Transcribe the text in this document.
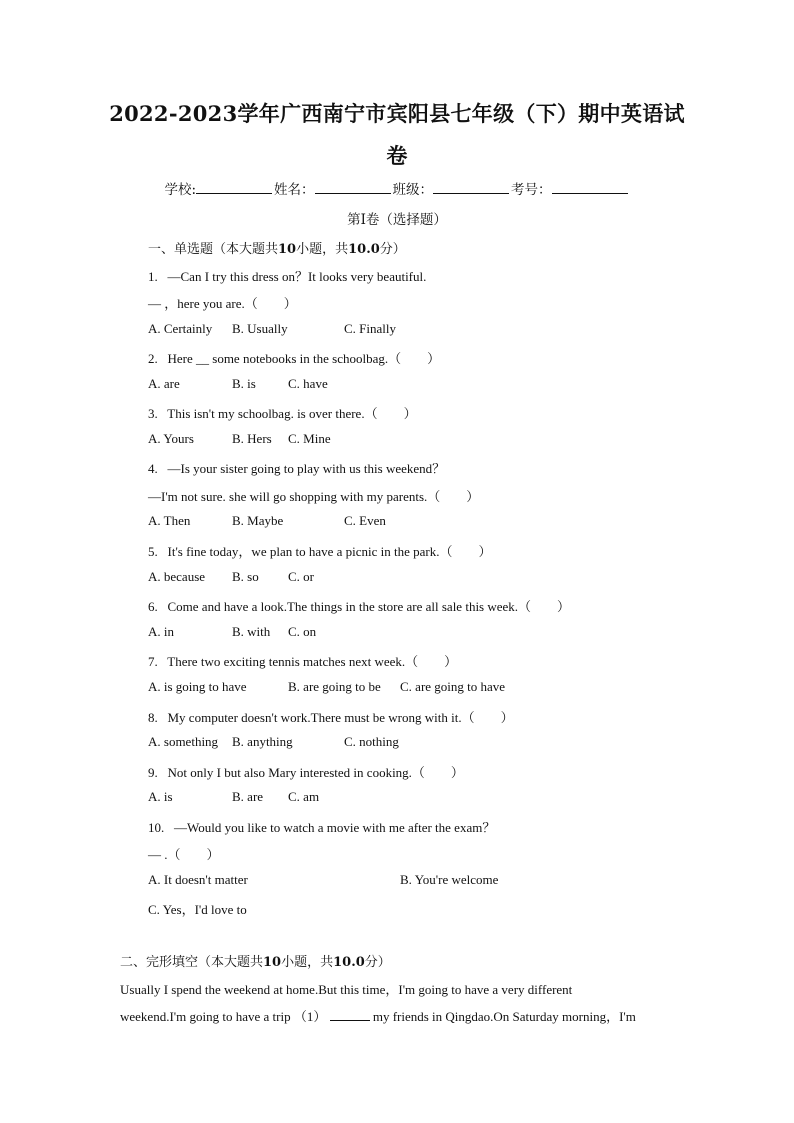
2022-2023学年广西南宁市宾阳县七年级（下）期中英语试
卷
学校:	姓名：	班级：	考号：
第I卷（选择题）
一、单选题（本大题共10小题，共10.0分）
1. —Can I try this dress on？It looks very beautiful.
— ，here you are.（　　）
A. Certainly B. Usually	C. Finally
2. Here __ some notebooks in the schoolbag.（　　）
A. are	B. is C. have
3. This isn't my schoolbag. is over there.（　　）
A. Yours	B. Hers C. Mine
4. —Is your sister going to play with us this weekend？
—I'm not sure. she will go shopping with my parents.（　　）
A. Then	B. Maybe	C. Even
5. It's fine today，we plan to have a picnic in the park.（　　）
A. because B. so C. or
6. Come and have a look.The things in the store are all sale this week.（　　）
A. in	B. with C. on
7. There two exciting tennis matches next week.（　　）
A. is going to have	B. are going to be C. are going to have
8. My computer doesn't work.There must be wrong with it.（　　）
A. something B. anything	C. nothing
9. Not only I but also Mary interested in cooking.（　　）
A. is	B. are C. am
10. —Would you like to watch a movie with me after the exam？
— .（　　）
A. It doesn't matter	B. You're welcome
C. Yes，I'd love to
二、完形填空（本大题共10小题，共10.0分）
Usually I spend the weekend at home.But this time，I'm going to have a very different
weekend.I'm going to have a trip （1）	my friends in Qingdao.On Saturday morning，I'm
